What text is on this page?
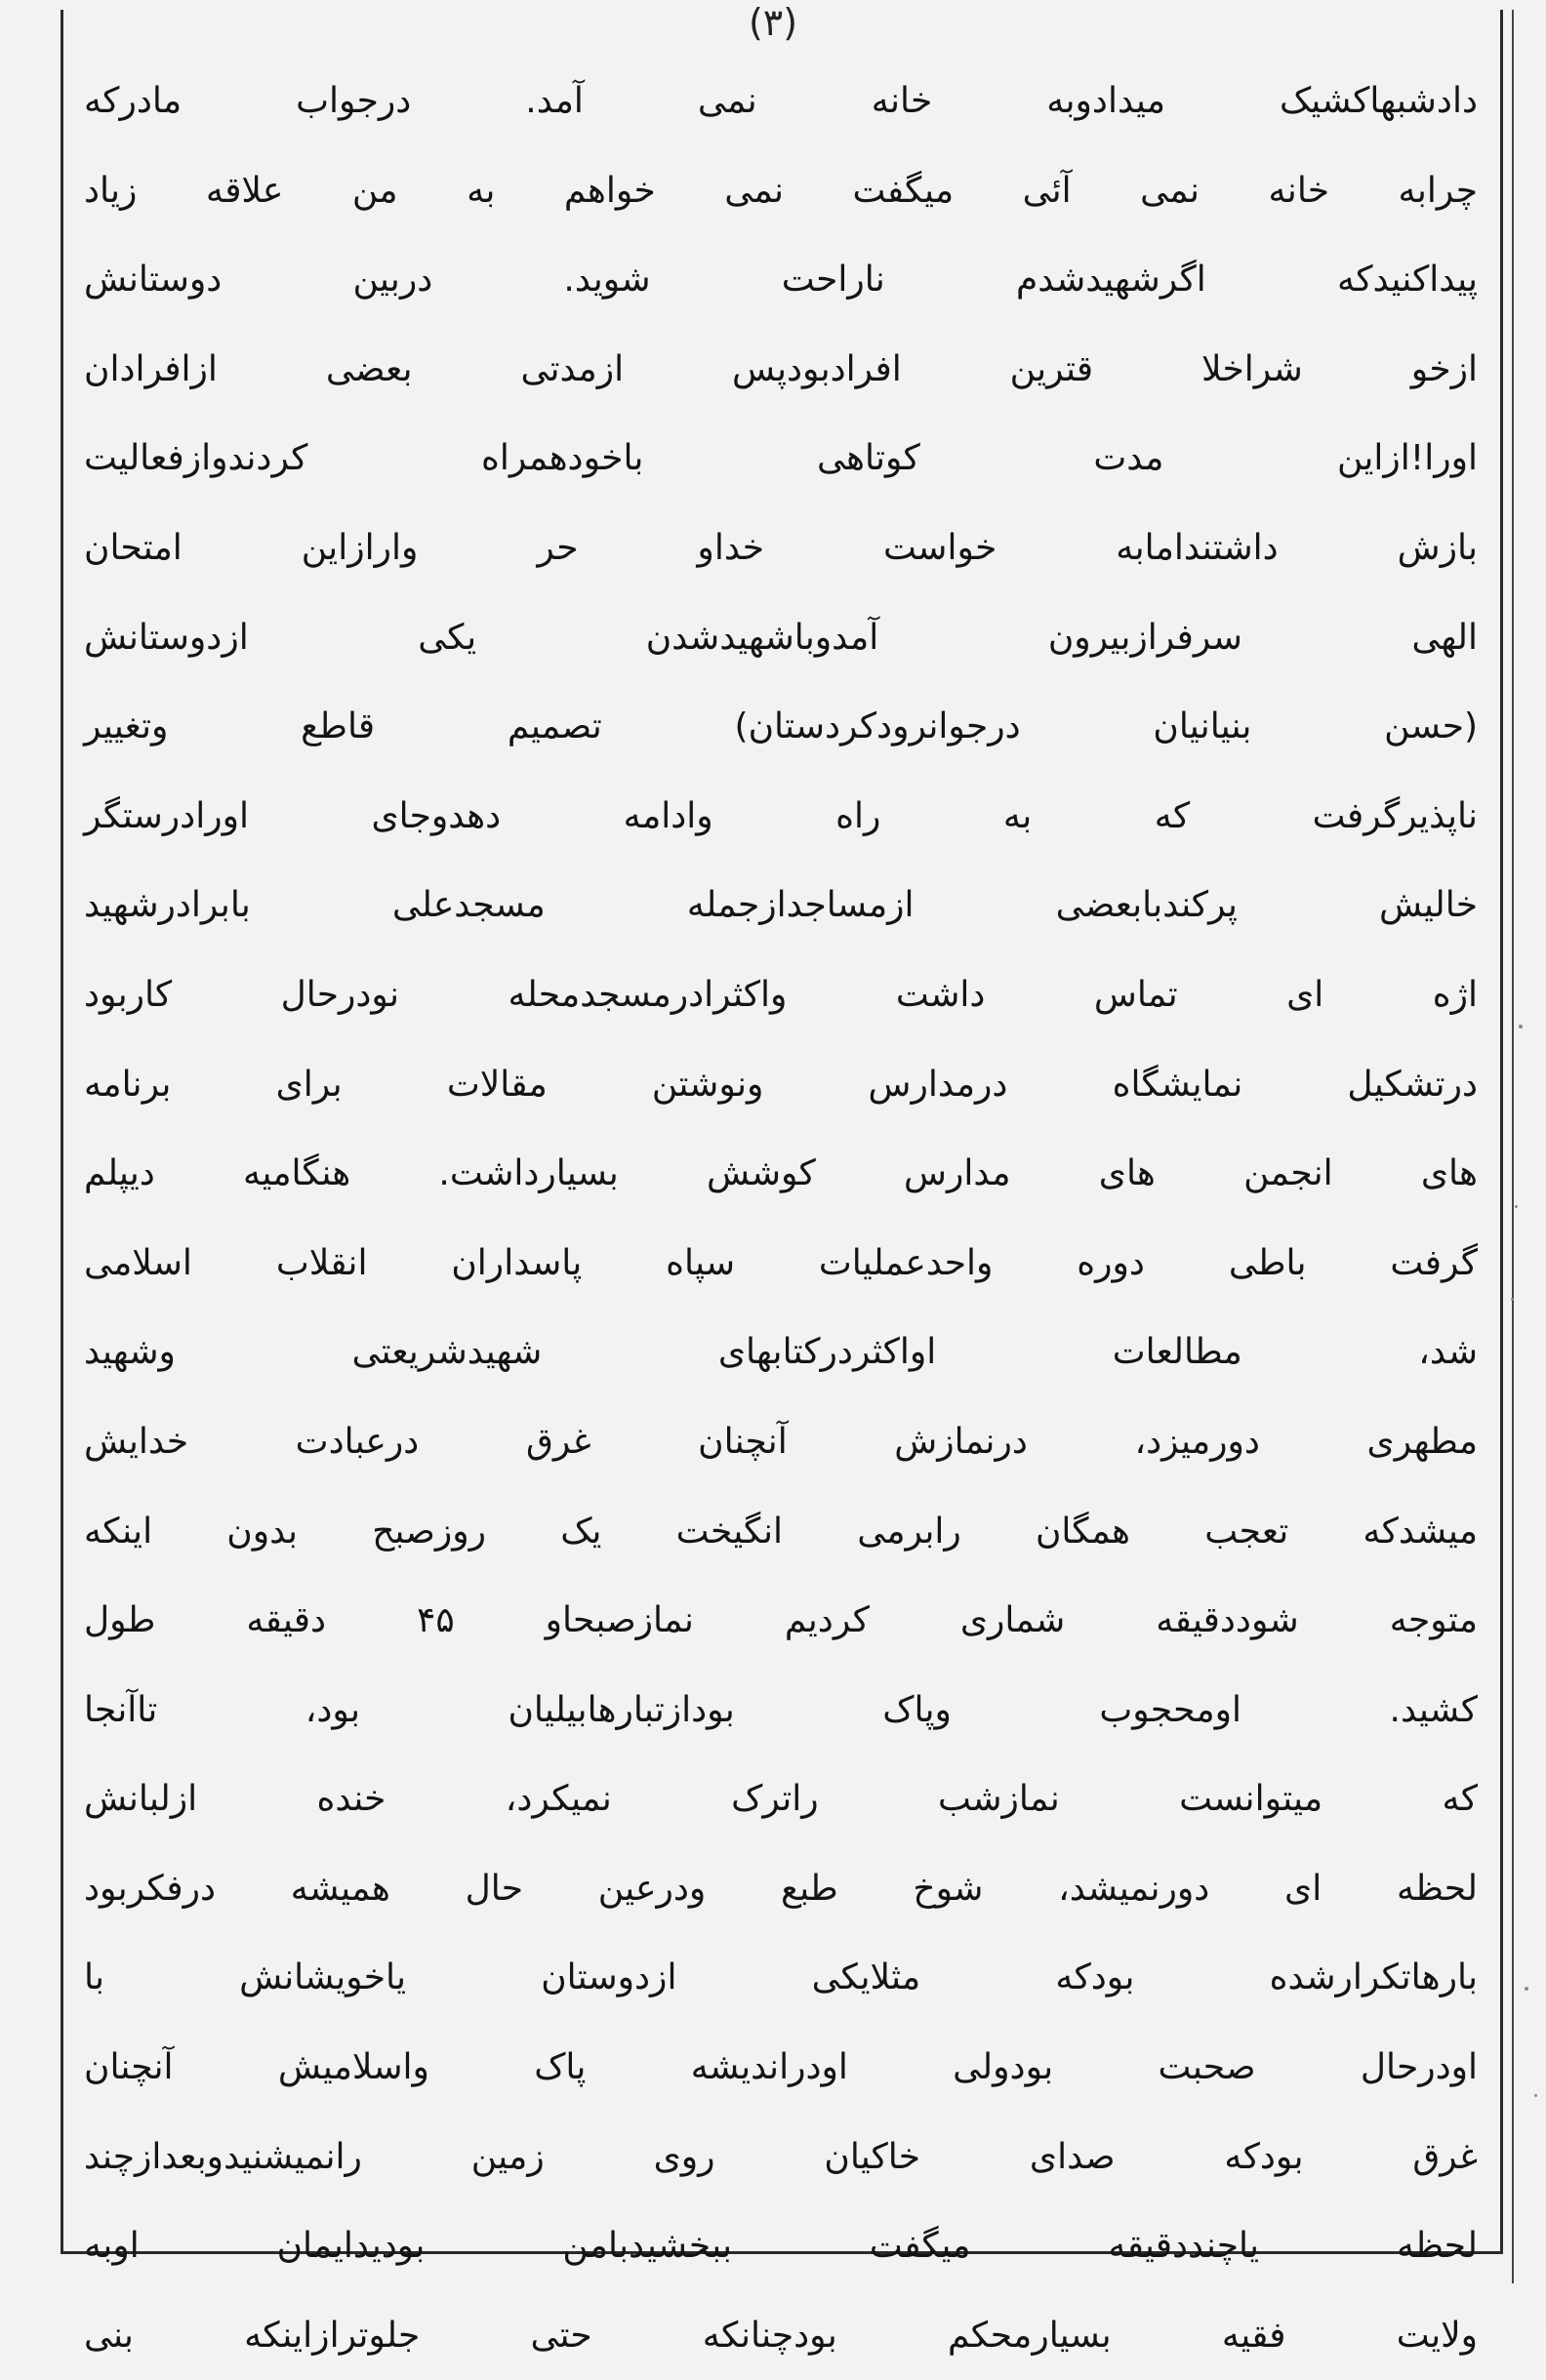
(۳)
دادشبهاکشیک میدادوبه خانه نمی آمد. درجواب مادرکه
چرابه خانه نمی آئی میگفت نمی خواهم به من علاقه زیاد
پیداکنیدکه اگرشهیدشدم ناراحت شوید. دربین دوستانش
ازخو شراخلا قترین افرادبودپس ازمدتی بعضی ازافرادان
اورا!ازاین مدت کوتاهی باخودهمراه کردندوازفعالیت
بازش داشتندامابه خواست خداو حر وارازاین امتحان
الهی سرفرازبیرون آمدوباشهیدشدن یکی ازدوستانش
(حسن بنیانیان درجوانرودکردستان) تصمیم قاطع وتغییر
ناپذیرگرفت که به راه وادامه دهدوجای اورادرستگر
خالیش پرکندبابعضی ازمساجدازجمله مسجدعلی بابرادرشهید
اژه ای تماس داشت واکثرادرمسجدمحله نودرحال کاربود
درتشکیل نمایشگاه درمدارس ونوشتن مقالات برای برنامه
های انجمن های مدارس کوشش بسیارداشت. هنگامیه دیپلم
گرفت باطی دوره واحدعملیات سپاه پاسداران انقلاب اسلامی
شد، مطالعات اواکثردرکتابهای شهیدشریعتی وشهید
مطهری دورمیزد، درنمازش آنچنان غرق درعبادت خدایش
میشدکه تعجب همگان رابرمی انگیخت یک روزصبح بدون اینکه
متوجه شوددقیقه شماری کردیم نمازصبحاو ۴۵ دقیقه طول
کشید. اومحجوب وپاک بودازتبارهابیلیان بود، تاآنجا
که میتوانست نمازشب راترک نمیکرد، خنده ازلبانش
لحظه ای دورنمیشد، شوخ طبع ودرعین حال همیشه درفکربود
بارهاتکرارشده بودکه مثلایکی ازدوستان یاخویشانش با
اودرحال صحبت بودولی اودراندیشه پاک واسلامیش آنچنان
غرق بودکه صدای خاکیان روی زمین رانمیشنیدوبعدازچند
لحظه یاچنددقیقه میگفت ببخشیدبامن بودیدایمان اوبه
ولایت فقیه بسیارمحکم بودچنانکه حتی جلوترازاینکه بنی
